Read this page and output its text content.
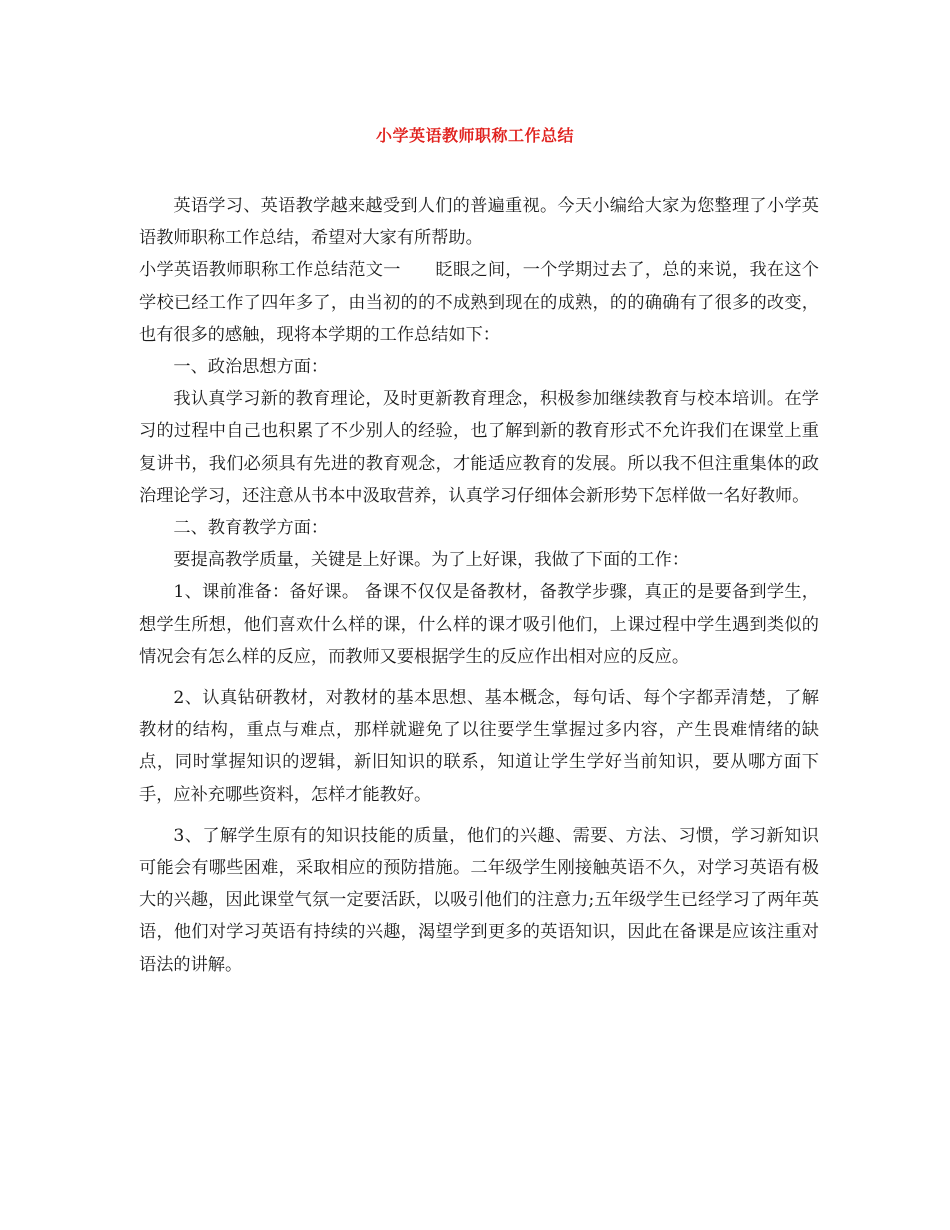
小学英语教师职称工作总结

英语学习、英语教学越来越受到人们的普遍重视。今天小编给大家为您整理了小学英语教师职称工作总结，希望对大家有所帮助。

小学英语教师职称工作总结范文一　　眨眼之间，一个学期过去了，总的来说，我在这个学校已经工作了四年多了，由当初的的不成熟到现在的成熟，的的确确有了很多的改变，也有很多的感触，现将本学期的工作总结如下：

一、政治思想方面：

我认真学习新的教育理论，及时更新教育理念，积极参加继续教育与校本培训。在学习的过程中自己也积累了不少别人的经验，也了解到新的教育形式不允许我们在课堂上重复讲书，我们必须具有先进的教育观念，才能适应教育的发展。所以我不但注重集体的政治理论学习，还注意从书本中汲取营养，认真学习仔细体会新形势下怎样做一名好教师。

二、教育教学方面：

要提高教学质量，关键是上好课。为了上好课，我做了下面的工作：

1、课前准备：备好课。 备课不仅仅是备教材，备教学步骤，真正的是要备到学生，想学生所想，他们喜欢什么样的课，什么样的课才吸引他们，上课过程中学生遇到类似的情况会有怎么样的反应，而教师又要根据学生的反应作出相对应的反应。

2、认真钻研教材，对教材的基本思想、基本概念，每句话、每个字都弄清楚，了解教材的结构，重点与难点，那样就避免了以往要学生掌握过多内容，产生畏难情绪的缺点，同时掌握知识的逻辑，新旧知识的联系，知道让学生学好当前知识，要从哪方面下手，应补充哪些资料，怎样才能教好。

3、了解学生原有的知识技能的质量，他们的兴趣、需要、方法、习惯，学习新知识可能会有哪些困难，采取相应的预防措施。二年级学生刚接触英语不久，对学习英语有极大的兴趣，因此课堂气氛一定要活跃，以吸引他们的注意力;五年级学生已经学习了两年英语，他们对学习英语有持续的兴趣，渴望学到更多的英语知识，因此在备课是应该注重对语法的讲解。
